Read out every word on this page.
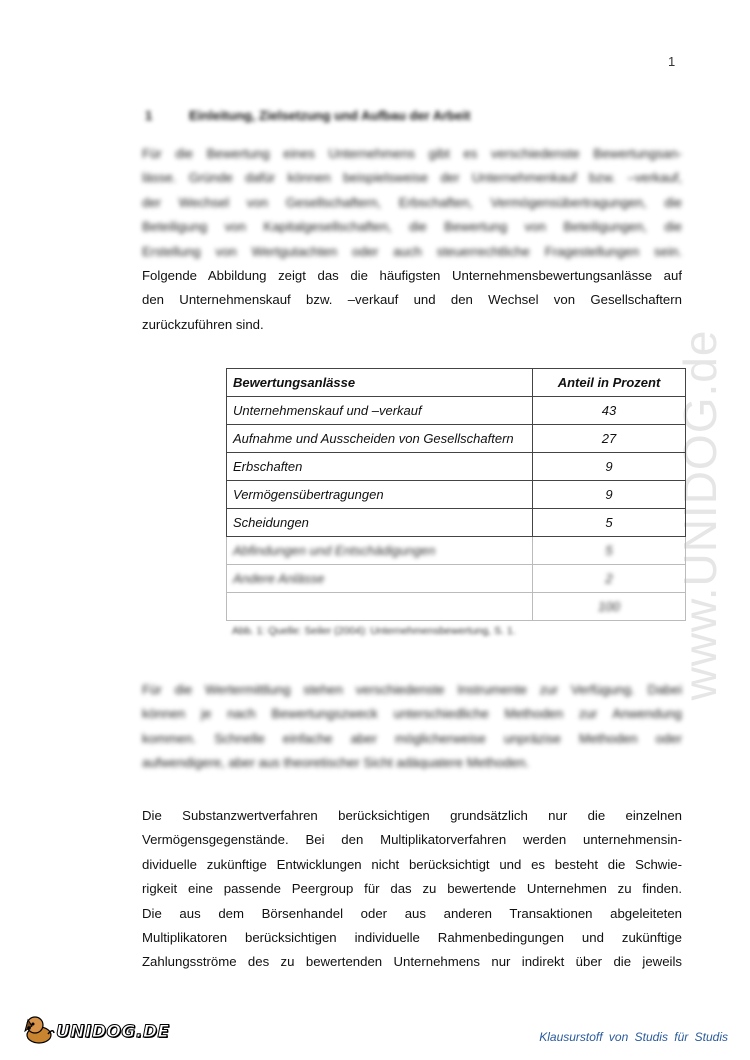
1
www.UNIDOG.de
1	Einleitung, Zielsetzung und Aufbau der Arbeit
Für die Bewertung eines Unternehmens gibt es verschiedenste Bewertungsan-
lässe. Gründe dafür können beispielsweise der Unternehmenkauf bzw. –verkauf,
der Wechsel von Gesellschaftern, Erbschaften, Vermögensübertragungen, die
Beteiligung von Kapitalgesellschaften, die Bewertung von Beteiligungen, die
Erstellung von Wertgutachten oder auch steuerrechtliche Fragestellungen sein.
Folgende Abbildung zeigt das die häufigsten Unternehmensbewertungsanlässe auf
den Unternehmenskauf bzw. –verkauf und den Wechsel von Gesellschaftern
zurückzuführen sind.
Bewertungsanlässe	Anteil in Prozent
Unternehmenskauf und –verkauf	43
Aufnahme und Ausscheiden von Gesellschaftern	27
Erbschaften	9
Vermögensübertragungen	9
Scheidungen	5
Abfindungen und Entschädigungen	5
Andere Anlässe	2
	100
Abb. 1: Quelle: Seiler (2004): Unternehmensbewertung, S. 1.
Für die Wertermittlung stehen verschiedenste Instrumente zur Verfügung. Dabei
können je nach Bewertungszweck unterschiedliche Methoden zur Anwendung
kommen. Schnelle einfache aber möglicherweise unpräzise Methoden oder
aufwendigere, aber aus theoretischer Sicht adäquatere Methoden.
Die Substanzwertverfahren berücksichtigen grundsätzlich nur die einzelnen
Vermögensgegenstände. Bei den Multiplikatorverfahren werden unternehmensin-
dividuelle zukünftige Entwicklungen nicht berücksichtigt und es besteht die Schwie-
rigkeit eine passende Peergroup für das zu bewertende Unternehmen zu finden.
Die aus dem Börsenhandel oder aus anderen Transaktionen abgeleiteten
Multiplikatoren berücksichtigen individuelle Rahmenbedingungen und zukünftige
Zahlungsströme des zu bewertenden Unternehmens nur indirekt über die jeweils
UNIDOG.DE	Klausurstoff von Studis für Studis
